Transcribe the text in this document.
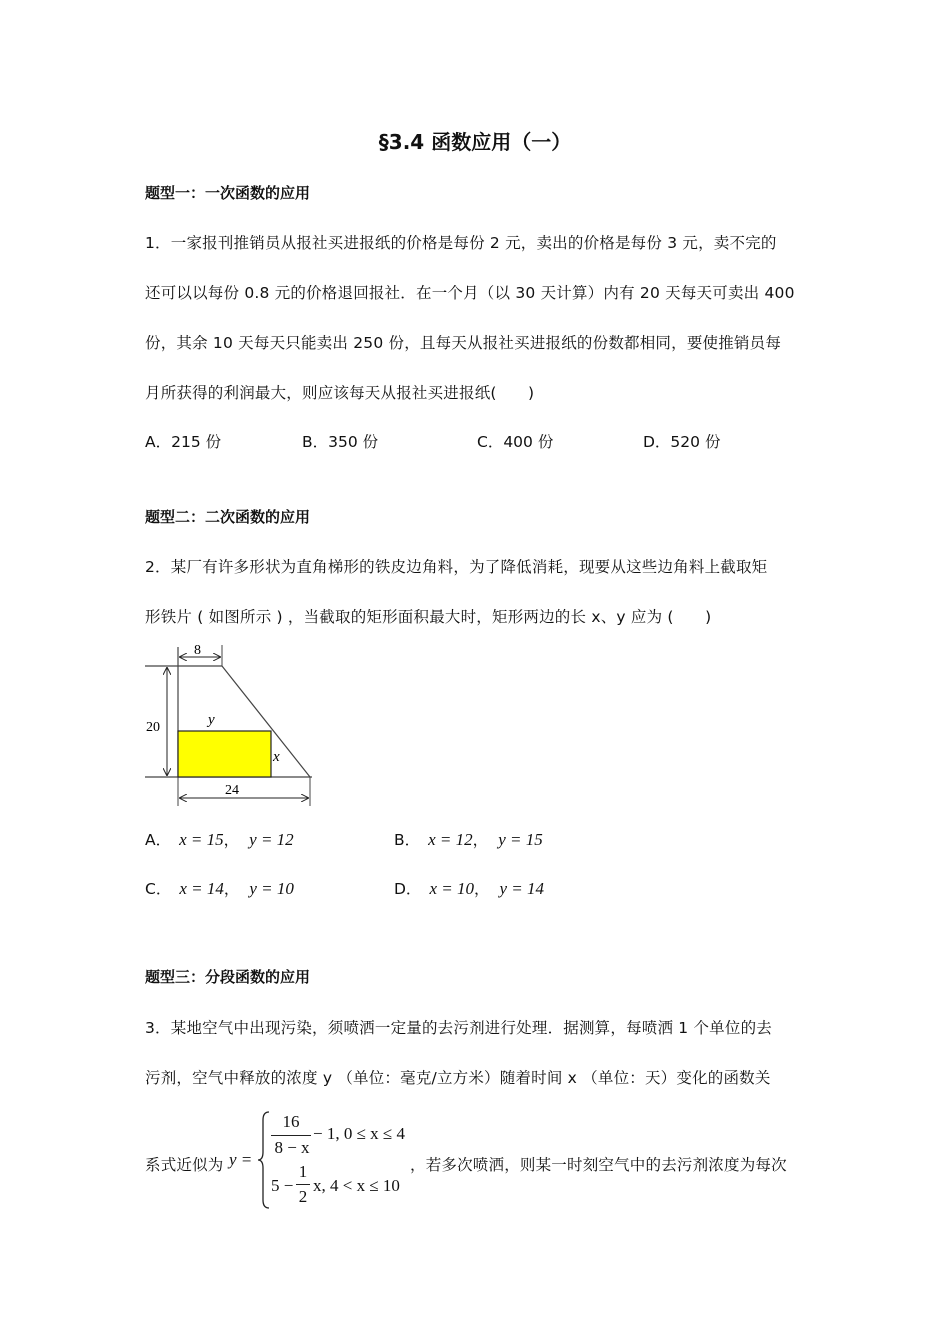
§3.4 函数应用（一）
题型一：一次函数的应用
1．一家报刊推销员从报社买进报纸的价格是每份 2 元，卖出的价格是每份 3 元，卖不完的
还可以以每份 0.8 元的价格退回报社．在一个月（以 30 天计算）内有 20 天每天可卖出 400
份，其余 10 天每天只能卖出 250 份，且每天从报社买进报纸的份数都相同，要使推销员每
月所获得的利润最大，则应该每天从报社买进报纸(　　)
A．215 份	B．350 份	C．400 份	D．520 份
题型二：二次函数的应用
2．某厂有许多形状为直角梯形的铁皮边角料，为了降低消耗，现要从这些边角料上截取矩
形铁片 ( 如图所示 ) ，当截取的矩形面积最大时，矩形两边的长 x、y 应为 (　　)
8
20
24
y
x
A． x = 15， y = 12	B． x = 12， y = 15
C． x = 14， y = 10	D． x = 10， y = 14
题型三：分段函数的应用
3．某地空气中出现污染，须喷洒一定量的去污剂进行处理．据测算，每喷洒 1 个单位的去
污剂，空气中释放的浓度 y （单位：毫克/立方米）随着时间 x （单位：天）变化的函数关
系式近似为 y =
16
8 − x
− 1, 0 ≤ x ≤ 4
5 −
1
2
x, 4 < x ≤ 10
，若多次喷洒，则某一时刻空气中的去污剂浓度为每次
